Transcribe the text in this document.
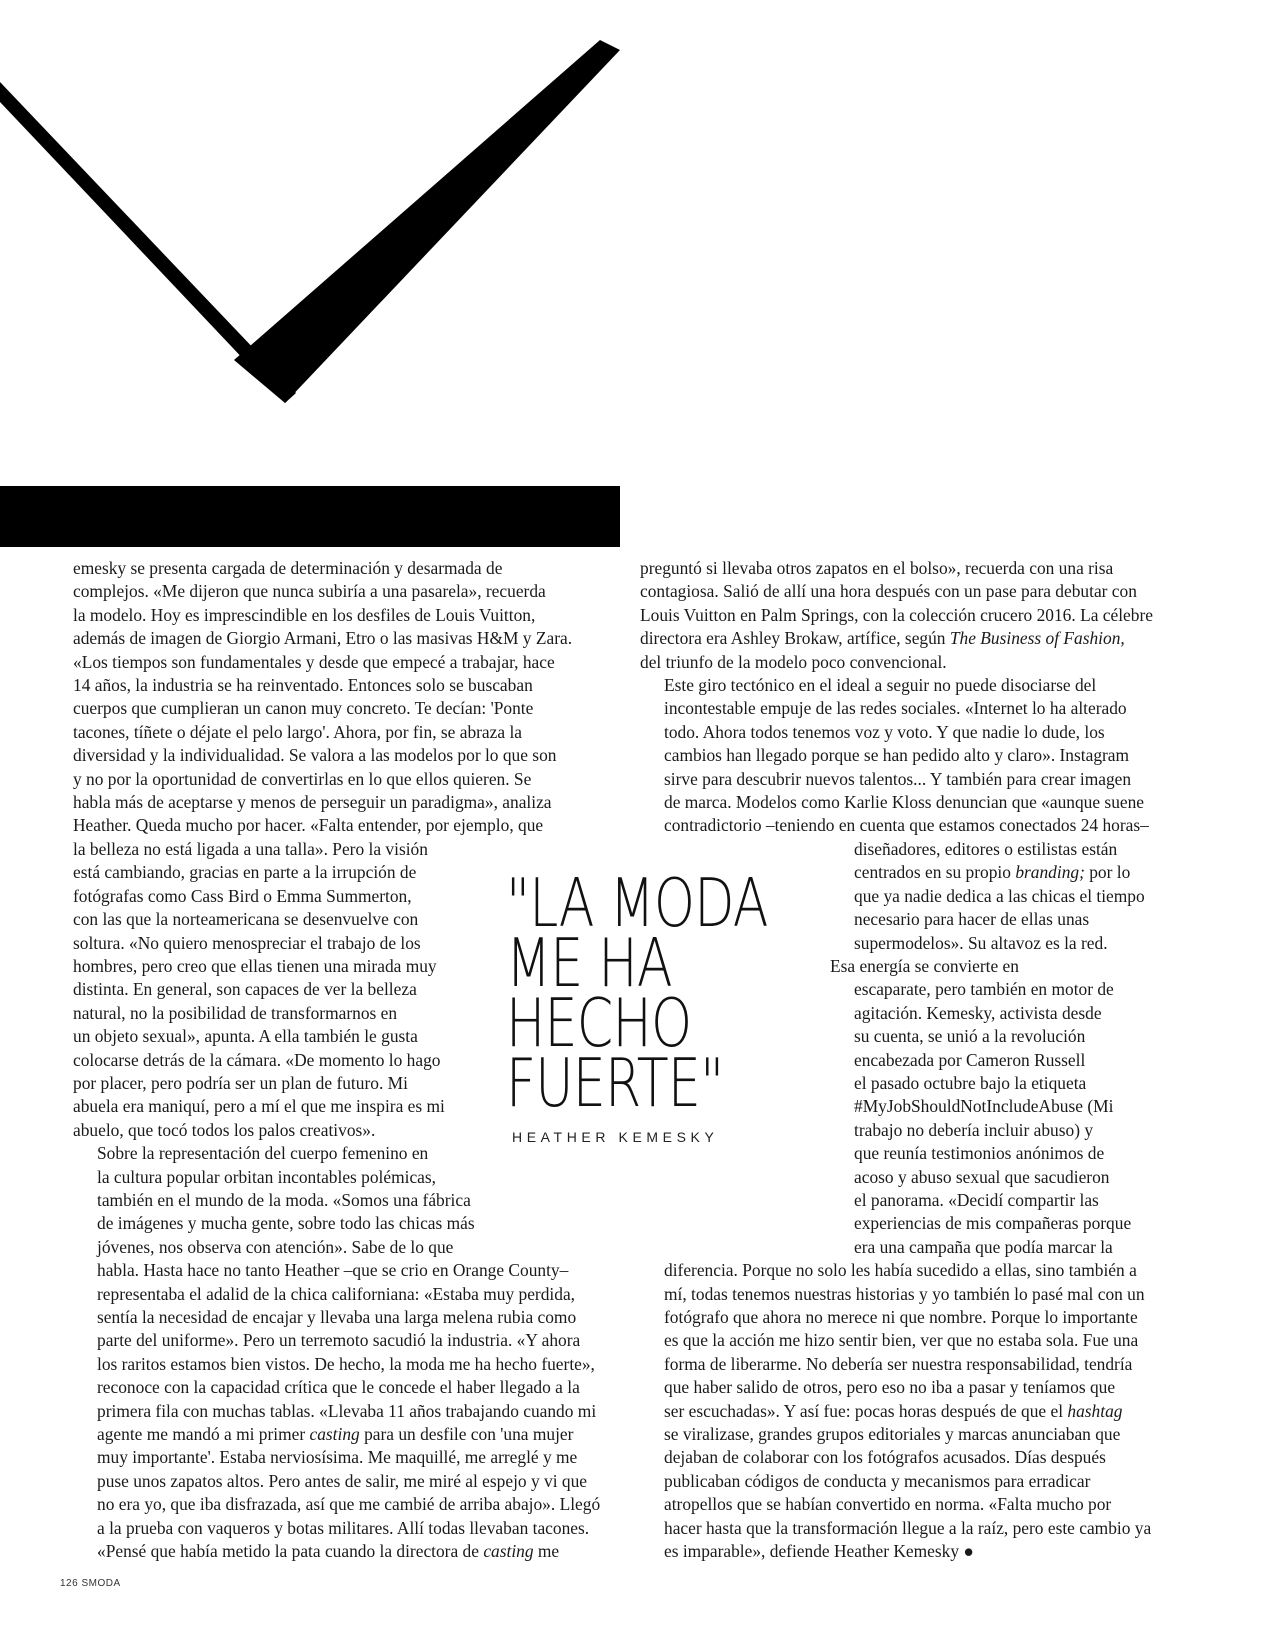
emesky se presenta cargada de determinación y desarmada de
complejos. «Me dijeron que nunca subiría a una pasarela», recuerda
la modelo. Hoy es imprescindible en los desfiles de Louis Vuitton,
además de imagen de Giorgio Armani, Etro o las masivas H&M y Zara.
«Los tiempos son fundamentales y desde que empecé a trabajar, hace
14 años, la industria se ha reinventado. Entonces solo se buscaban
cuerpos que cumplieran un canon muy concreto. Te decían: 'Ponte
tacones, tíñete o déjate el pelo largo'. Ahora, por fin, se abraza la
diversidad y la individualidad. Se valora a las modelos por lo que son
y no por la oportunidad de convertirlas en lo que ellos quieren. Se
habla más de aceptarse y menos de perseguir un paradigma», analiza
Heather. Queda mucho por hacer. «Falta entender, por ejemplo, que
la belleza no está ligada a una talla». Pero la visión
está cambiando, gracias en parte a la irrupción de
fotógrafas como Cass Bird o Emma Summerton,
con las que la norteamericana se desenvuelve con
soltura. «No quiero menospreciar el trabajo de los
hombres, pero creo que ellas tienen una mirada muy
distinta. En general, son capaces de ver la belleza
natural, no la posibilidad de transformarnos en
un objeto sexual», apunta. A ella también le gusta
colocarse detrás de la cámara. «De momento lo hago
por placer, pero podría ser un plan de futuro. Mi
abuela era maniquí, pero a mí el que me inspira es mi
abuelo, que tocó todos los palos creativos».

Sobre la representación del cuerpo femenino en
la cultura popular orbitan incontables polémicas,
también en el mundo de la moda. «Somos una fábrica
de imágenes y mucha gente, sobre todo las chicas más
jóvenes, nos observa con atención». Sabe de lo que
habla. Hasta hace no tanto Heather –que se crio en Orange County–
representaba el adalid de la chica californiana: «Estaba muy perdida,
sentía la necesidad de encajar y llevaba una larga melena rubia como
parte del uniforme». Pero un terremoto sacudió la industria. «Y ahora
los raritos estamos bien vistos. De hecho, la moda me ha hecho fuerte»,
reconoce con la capacidad crítica que le concede el haber llegado a la
primera fila con muchas tablas. «Llevaba 11 años trabajando cuando mi
agente me mandó a mi primer casting para un desfile con 'una mujer
muy importante'. Estaba nerviosísima. Me maquillé, me arreglé y me
puse unos zapatos altos. Pero antes de salir, me miré al espejo y vi que
no era yo, que iba disfrazada, así que me cambié de arriba abajo». Llegó
a la prueba con vaqueros y botas militares. Allí todas llevaban tacones.
«Pensé que había metido la pata cuando la directora de casting me

preguntó si llevaba otros zapatos en el bolso», recuerda con una risa
contagiosa. Salió de allí una hora después con un pase para debutar con
Louis Vuitton en Palm Springs, con la colección crucero 2016. La célebre
directora era Ashley Brokaw, artífice, según The Business of Fashion,
del triunfo de la modelo poco convencional.

Este giro tectónico en el ideal a seguir no puede disociarse del
incontestable empuje de las redes sociales. «Internet lo ha alterado
todo. Ahora todos tenemos voz y voto. Y que nadie lo dude, los
cambios han llegado porque se han pedido alto y claro». Instagram
sirve para descubrir nuevos talentos... Y también para crear imagen
de marca. Modelos como Karlie Kloss denuncian que «aunque suene
contradictorio –teniendo en cuenta que estamos conectados 24 horas–
diseñadores, editores o estilistas están
centrados en su propio branding; por lo
que ya nadie dedica a las chicas el tiempo
necesario para hacer de ellas unas
supermodelos». Su altavoz es la red.

Esa energía se convierte en
escaparate, pero también en motor de
agitación. Kemesky, activista desde
su cuenta, se unió a la revolución
encabezada por Cameron Russell
el pasado octubre bajo la etiqueta
#MyJobShouldNotIncludeAbuse (Mi
trabajo no debería incluir abuso) y
que reunía testimonios anónimos de
acoso y abuso sexual que sacudieron
el panorama. «Decidí compartir las
experiencias de mis compañeras porque
era una campaña que podía marcar la
diferencia. Porque no solo les había sucedido a ellas, sino también a
mí, todas tenemos nuestras historias y yo también lo pasé mal con un
fotógrafo que ahora no merece ni que nombre. Porque lo importante
es que la acción me hizo sentir bien, ver que no estaba sola. Fue una
forma de liberarme. No debería ser nuestra responsabilidad, tendría
que haber salido de otros, pero eso no iba a pasar y teníamos que
ser escuchadas». Y así fue: pocas horas después de que el hashtag
se viralizase, grandes grupos editoriales y marcas anunciaban que
dejaban de colaborar con los fotógrafos acusados. Días después
publicaban códigos de conducta y mecanismos para erradicar
atropellos que se habían convertido en norma. «Falta mucho por
hacer hasta que la transformación llegue a la raíz, pero este cambio ya
es imparable», defiende Heather Kemesky ●

"LA MODA
ME HA
HECHO
FUERTE"
HEATHER KEMESKY
126 SMODA
